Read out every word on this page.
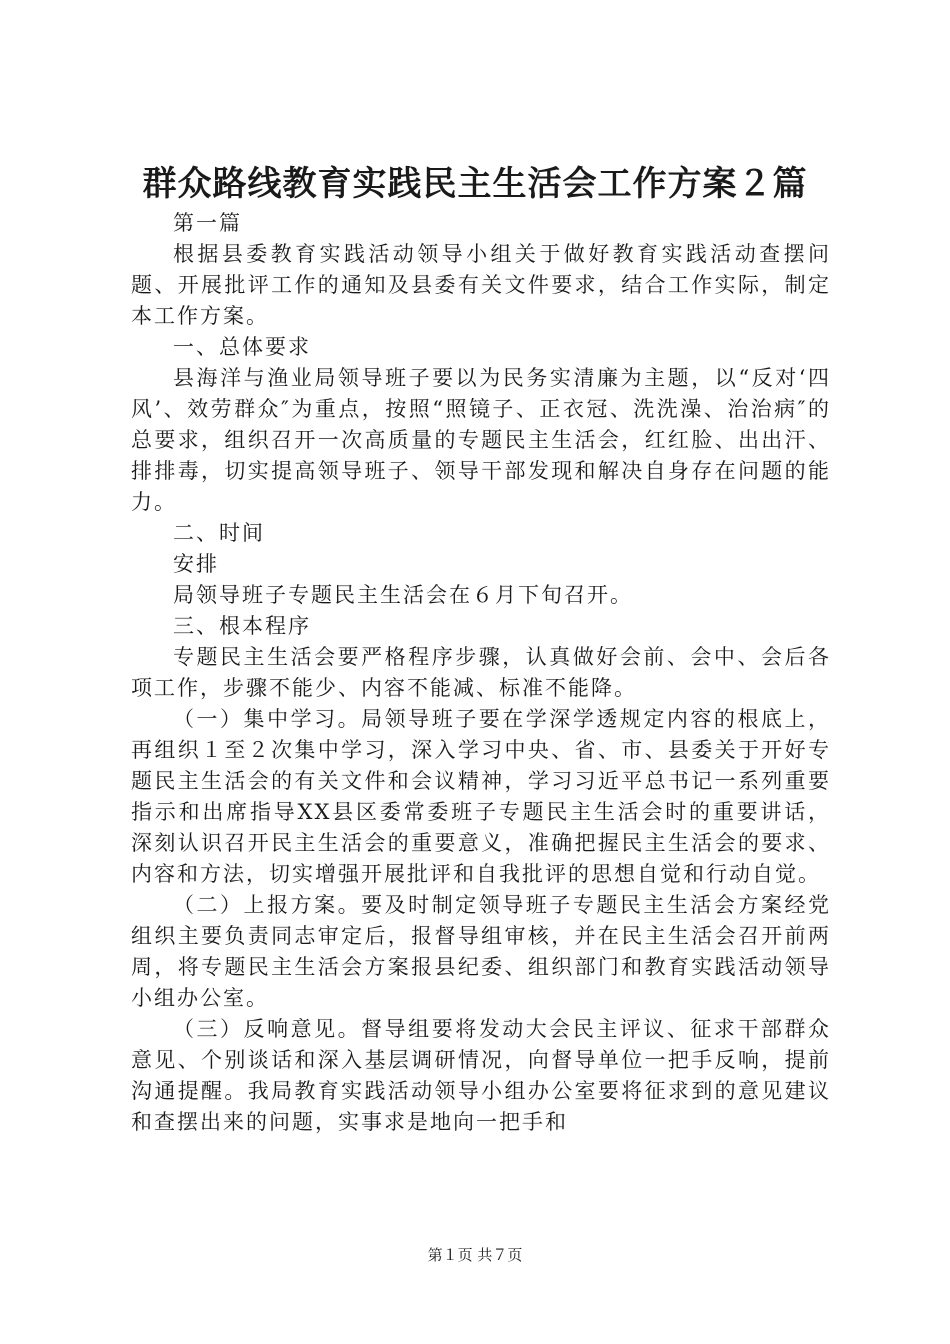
群众路线教育实践民主生活会工作方案２篇

第一篇

根据县委教育实践活动领导小组关于做好教育实践活动查摆问题、开展批评工作的通知及县委有关文件要求，结合工作实际，制定本工作方案。

一、总体要求

县海洋与渔业局领导班子要以为民务实清廉为主题，以“反对‘四风’、效劳群众″为重点，按照“照镜子、正衣冠、洗洗澡、治治病″的总要求，组织召开一次高质量的专题民主生活会，红红脸、出出汗、排排毒，切实提高领导班子、领导干部发现和解决自身存在问题的能力。

二、时间

安排

局领导班子专题民主生活会在６月下旬召开。

三、根本程序

专题民主生活会要严格程序步骤，认真做好会前、会中、会后各项工作，步骤不能少、内容不能减、标准不能降。

（一）集中学习。局领导班子要在学深学透规定内容的根底上，再组织１至２次集中学习，深入学习中央、省、市、县委关于开好专题民主生活会的有关文件和会议精神，学习习近平总书记一系列重要指示和出席指导XX县区委常委班子专题民主生活会时的重要讲话，深刻认识召开民主生活会的重要意义，准确把握民主生活会的要求、内容和方法，切实增强开展批评和自我批评的思想自觉和行动自觉。

（二）上报方案。要及时制定领导班子专题民主生活会方案经党组织主要负责同志审定后，报督导组审核，并在民主生活会召开前两周，将专题民主生活会方案报县纪委、组织部门和教育实践活动领导小组办公室。

（三）反响意见。督导组要将发动大会民主评议、征求干部群众意见、个别谈话和深入基层调研情况，向督导单位一把手反响，提前沟通提醒。我局教育实践活动领导小组办公室要将征求到的意见建议和查摆出来的问题，实事求是地向一把手和

第１页 共７页
